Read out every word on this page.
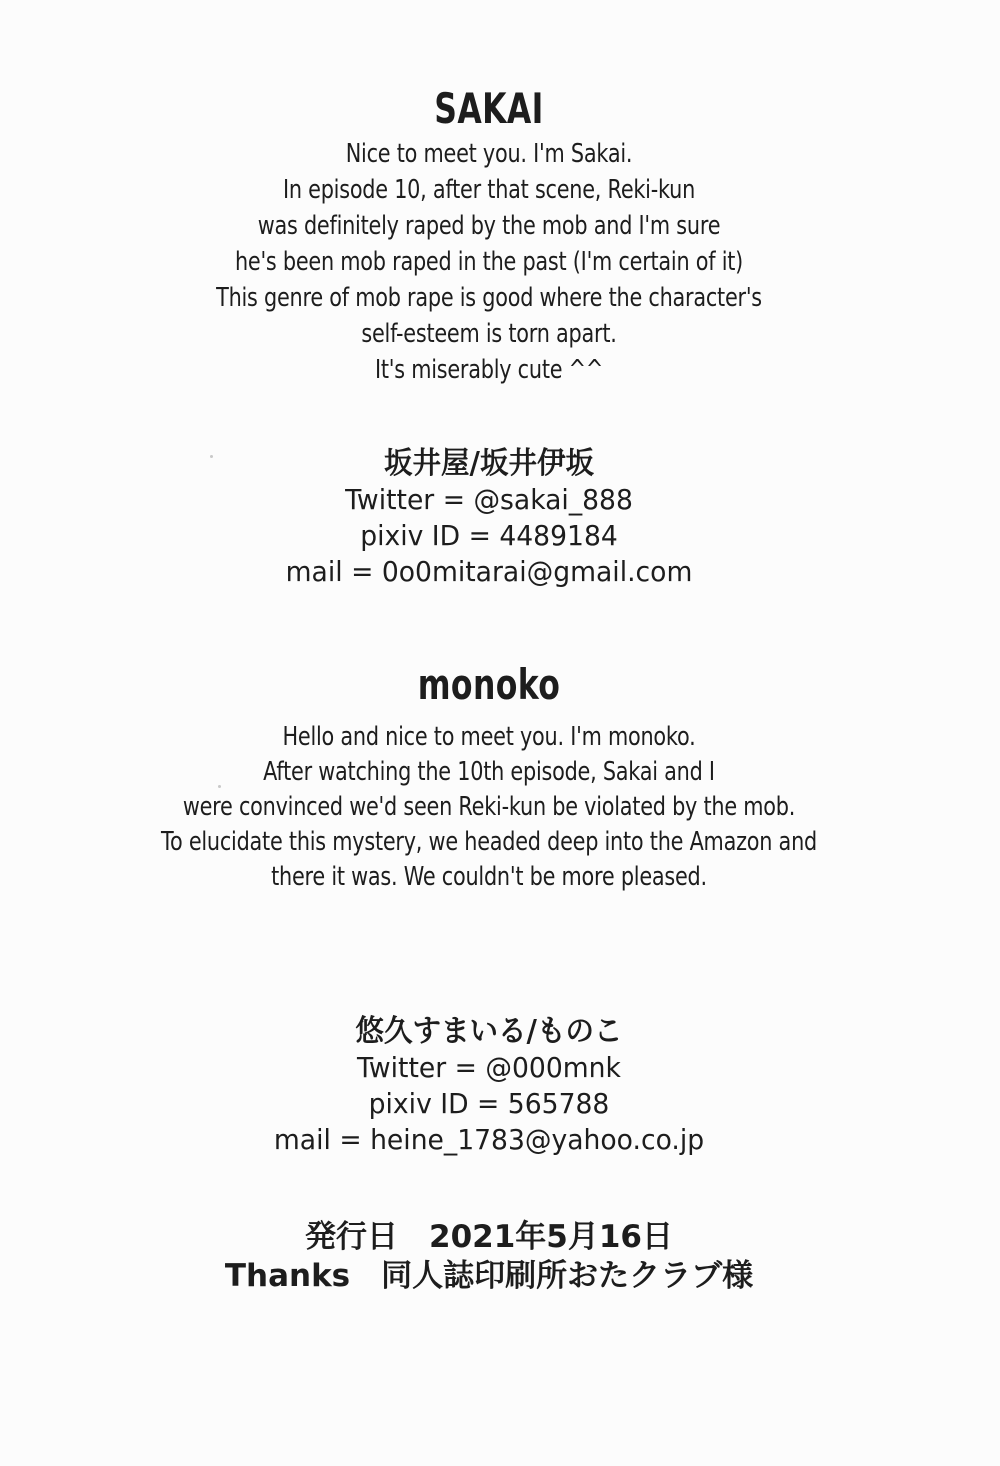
SAKAI
Nice to meet you. I'm Sakai.
In episode 10, after that scene, Reki-kun
was definitely raped by the mob and I'm sure
he's been mob raped in the past (I'm certain of it)
This genre of mob rape is good where the character's
self-esteem is torn apart.
It's miserably cute ^^
坂井屋/坂井伊坂
Twitter = @sakai_888
pixiv ID = 4489184
mail = 0o0mitarai@gmail.com
monoko
Hello and nice to meet you. I'm monoko.
After watching the 10th episode, Sakai and I
were convinced we'd seen Reki-kun be violated by the mob.
To elucidate this mystery, we headed deep into the Amazon and
there it was. We couldn't be more pleased.
悠久すまいる/ものこ
Twitter = @000mnk
pixiv ID = 565788
mail = heine_1783@yahoo.co.jp
発行日　2021年5月16日
Thanks　同人誌印刷所おたクラブ様
